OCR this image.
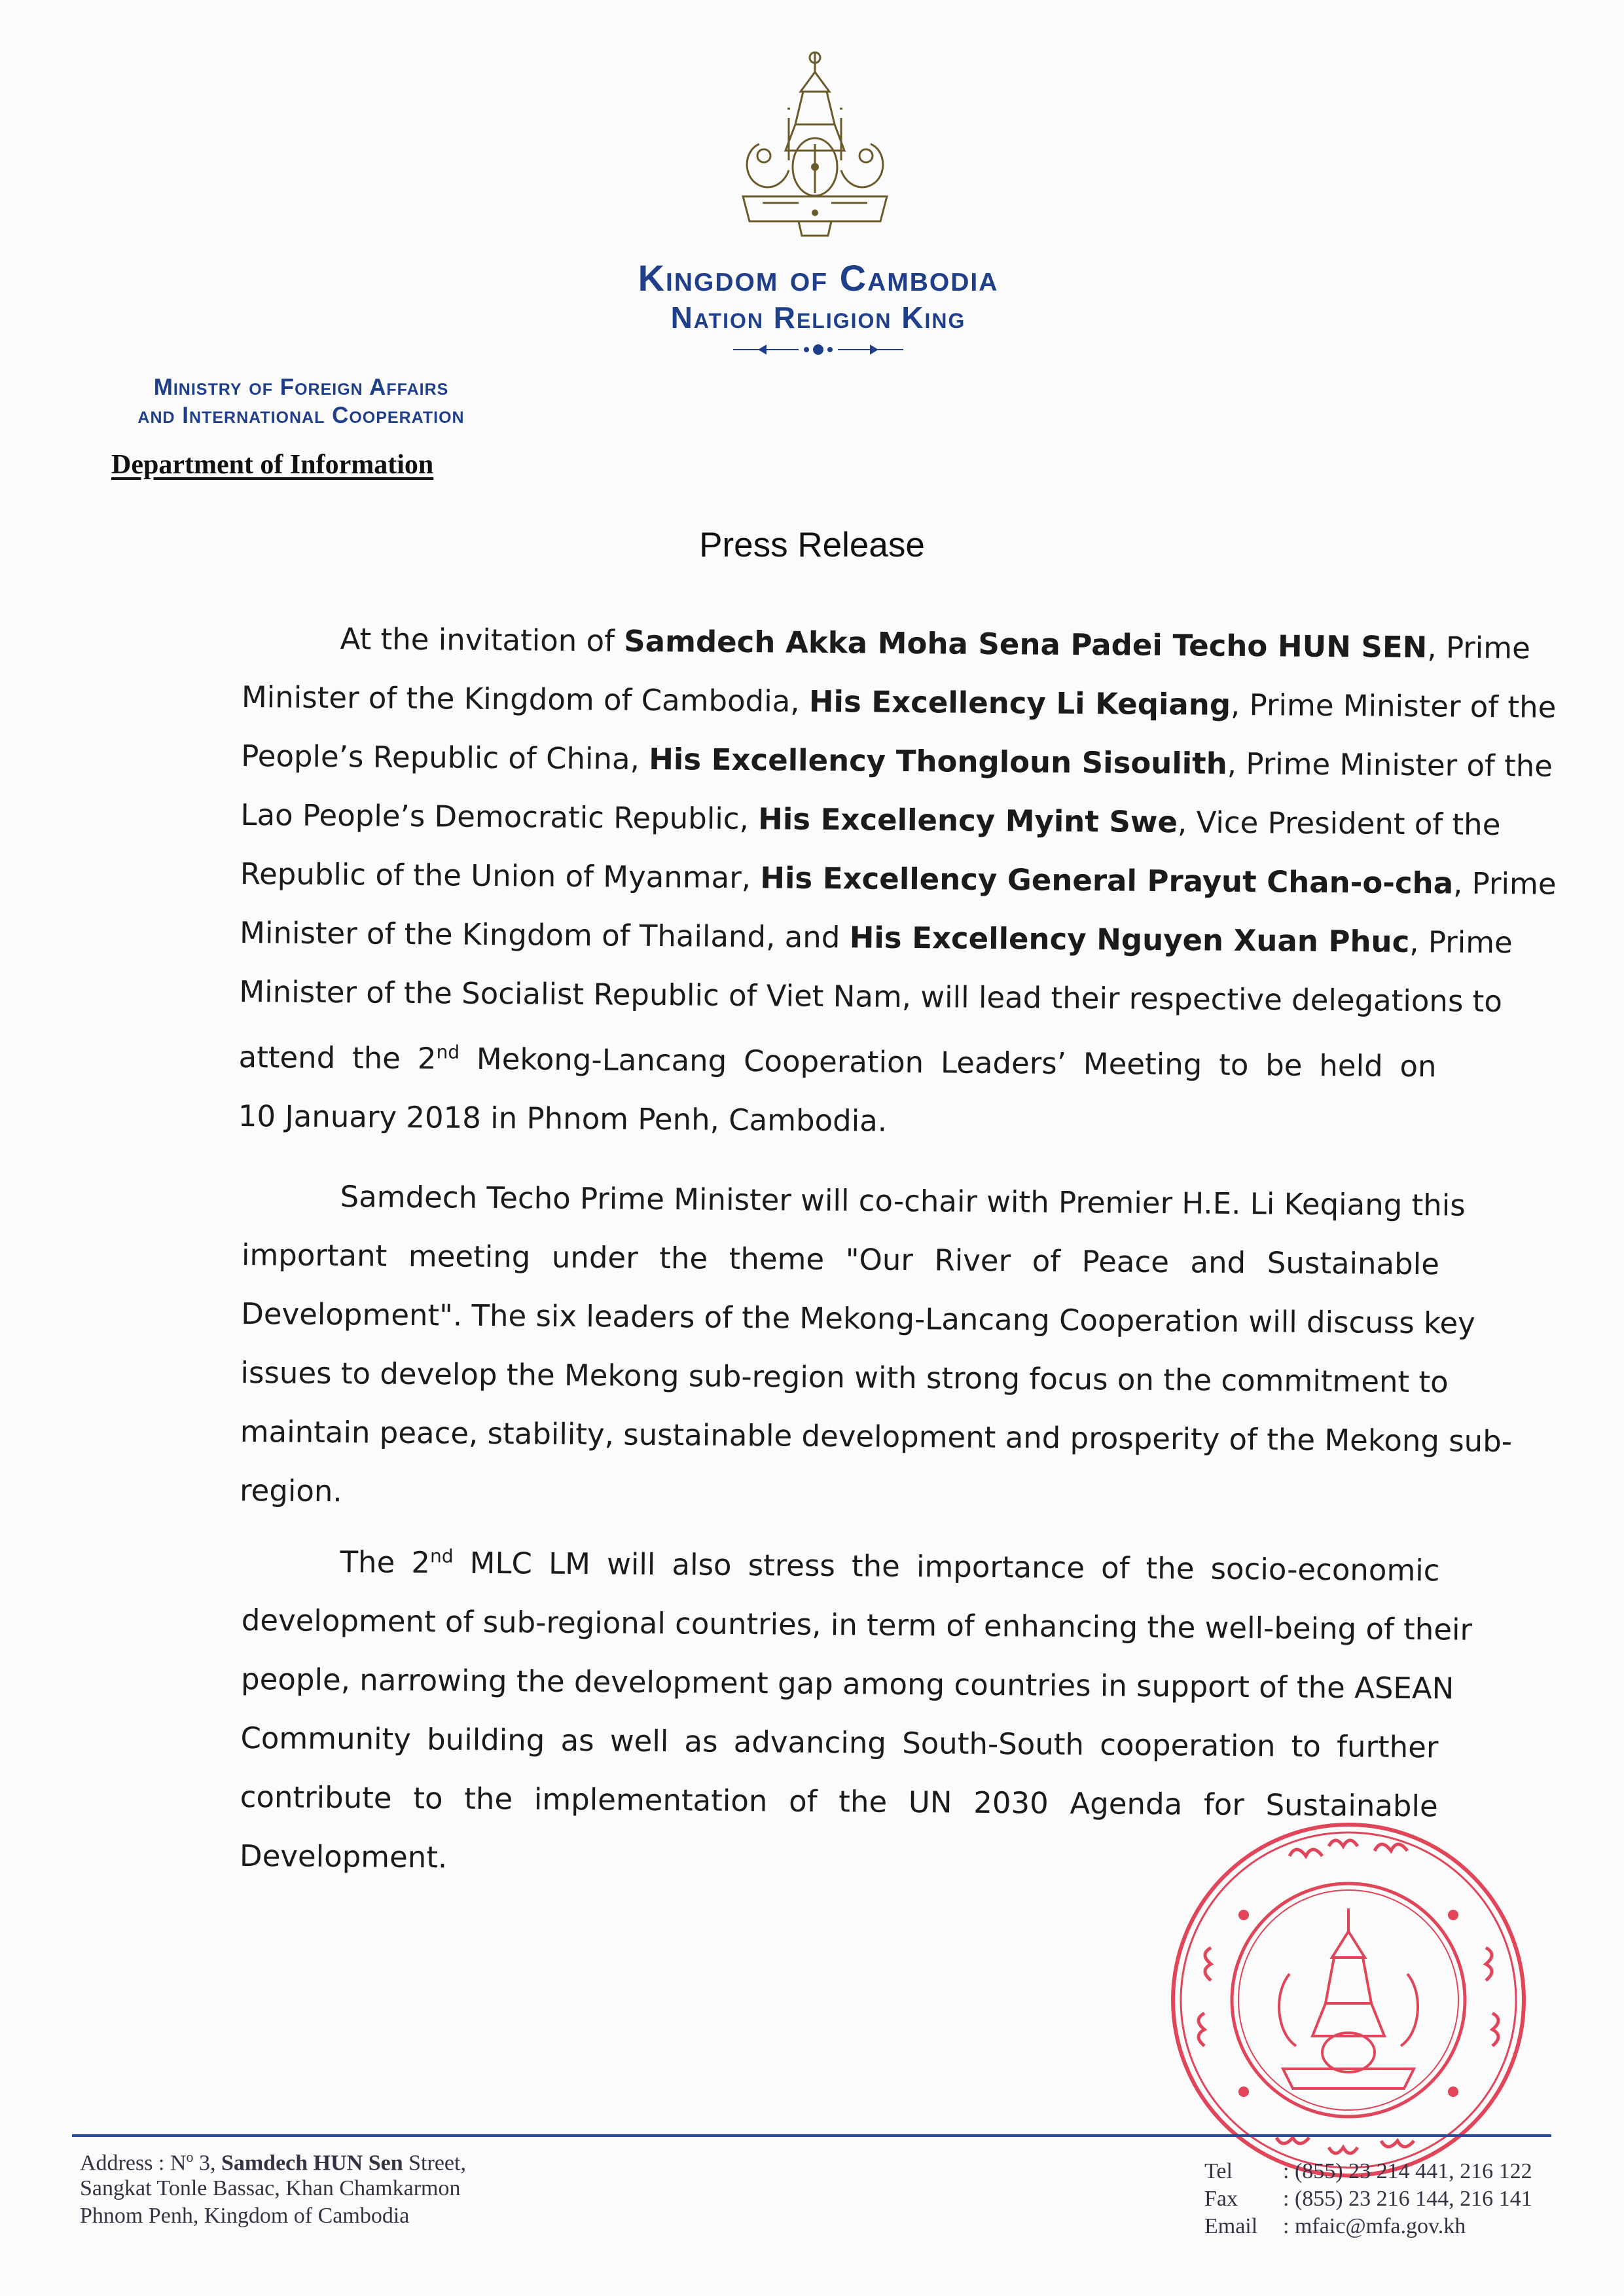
Kingdom of Cambodia
Nation Religion King
Ministry of Foreign Affairs
and International Cooperation
Department of Information
Press Release
At the invitation of Samdech Akka Moha Sena Padei Techo HUN SEN, Prime
Minister of the Kingdom of Cambodia, His Excellency Li Keqiang, Prime Minister of the
People’s Republic of China, His Excellency Thongloun Sisoulith, Prime Minister of the
Lao People’s Democratic Republic, His Excellency Myint Swe, Vice President of the
Republic of the Union of Myanmar, His Excellency General Prayut Chan-o-cha, Prime
Minister of the Kingdom of Thailand, and His Excellency Nguyen Xuan Phuc, Prime
Minister of the Socialist Republic of Viet Nam, will lead their respective delegations to
attend the 2nd Mekong-Lancang Cooperation Leaders’ Meeting to be held on
10 January 2018 in Phnom Penh, Cambodia.
Samdech Techo Prime Minister will co-chair with Premier H.E. Li Keqiang this
important meeting under the theme "Our River of Peace and Sustainable
Development". The six leaders of the Mekong-Lancang Cooperation will discuss key
issues to develop the Mekong sub-region with strong focus on the commitment to
maintain peace, stability, sustainable development and prosperity of the Mekong sub-
region.
The 2nd MLC LM will also stress the importance of the socio-economic
development of sub-regional countries, in term of enhancing the well-being of their
people, narrowing the development gap among countries in support of the ASEAN
Community building as well as advancing South-South cooperation to further
contribute to the implementation of the UN 2030 Agenda for Sustainable
Development.
Address : $N^o$ 3, Samdech HUN Sen Street,
Sangkat Tonle Bassac, Khan Chamkarmon
Phnom Penh, Kingdom of Cambodia
Tel : (855) 23 214 441, 216 122
Fax : (855) 23 216 144, 216 141
Email : mfaic@mfa.gov.kh
